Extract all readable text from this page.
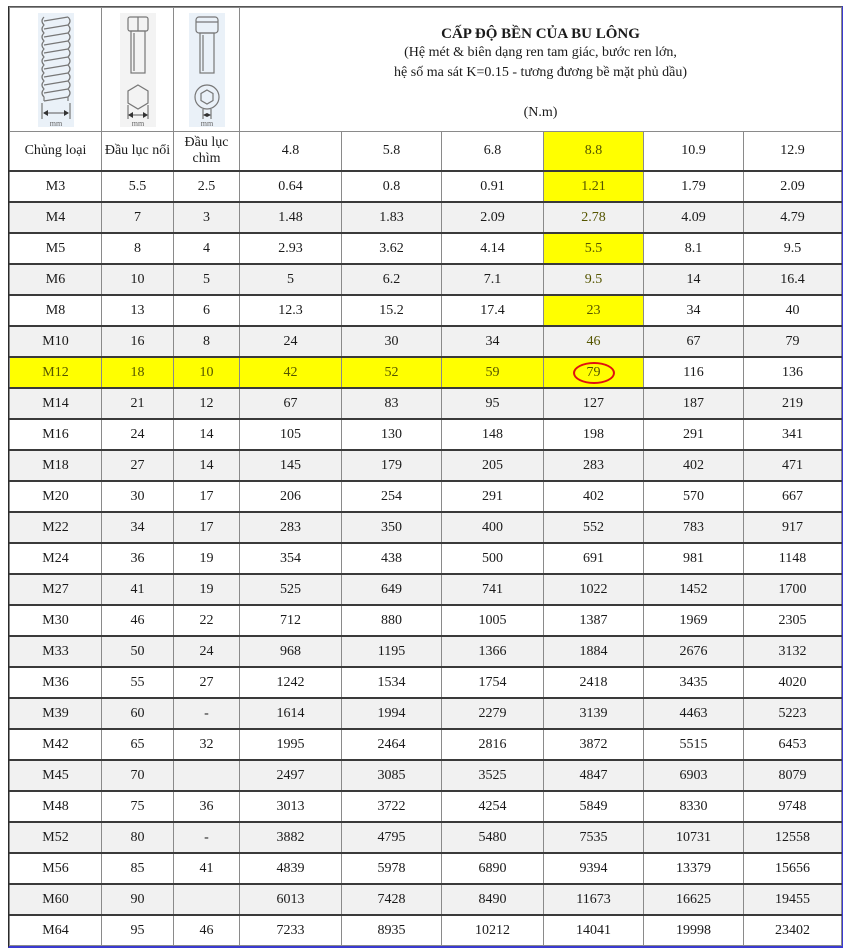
mm	mm	mm	CẤP ĐỘ BỀN CỦA BU LÔNG
(Hệ mét & biên dạng ren tam giác, bước ren lớn,
hệ số ma sát K=0.15 - tương đương bề mặt phủ dầu)
(N.m)					

Chủng loại	Đầu lục nổi	Đầu lục chìm	4.8	5.8	6.8	8.8	10.9	12.9
M3	5.5	2.5	0.64	0.8	0.91	1.21	1.79	2.09
M4	7	3	1.48	1.83	2.09	2.78	4.09	4.79
M5	8	4	2.93	3.62	4.14	5.5	8.1	9.5
M6	10	5	5	6.2	7.1	9.5	14	16.4
M8	13	6	12.3	15.2	17.4	23	34	40
M10	16	8	24	30	34	46	67	79
M12	18	10	42	52	59	79	116	136
M14	21	12	67	83	95	127	187	219
M16	24	14	105	130	148	198	291	341
M18	27	14	145	179	205	283	402	471
M20	30	17	206	254	291	402	570	667
M22	34	17	283	350	400	552	783	917
M24	36	19	354	438	500	691	981	1148
M27	41	19	525	649	741	1022	1452	1700
M30	46	22	712	880	1005	1387	1969	2305
M33	50	24	968	1195	1366	1884	2676	3132
M36	55	27	1242	1534	1754	2418	3435	4020
M39	60	-	1614	1994	2279	3139	4463	5223
M42	65	32	1995	2464	2816	3872	5515	6453
M45	70		2497	3085	3525	4847	6903	8079
M48	75	36	3013	3722	4254	5849	8330	9748
M52	80	-	3882	4795	5480	7535	10731	12558
M56	85	41	4839	5978	6890	9394	13379	15656
M60	90		6013	7428	8490	11673	16625	19455
M64	95	46	7233	8935	10212	14041	19998	23402
